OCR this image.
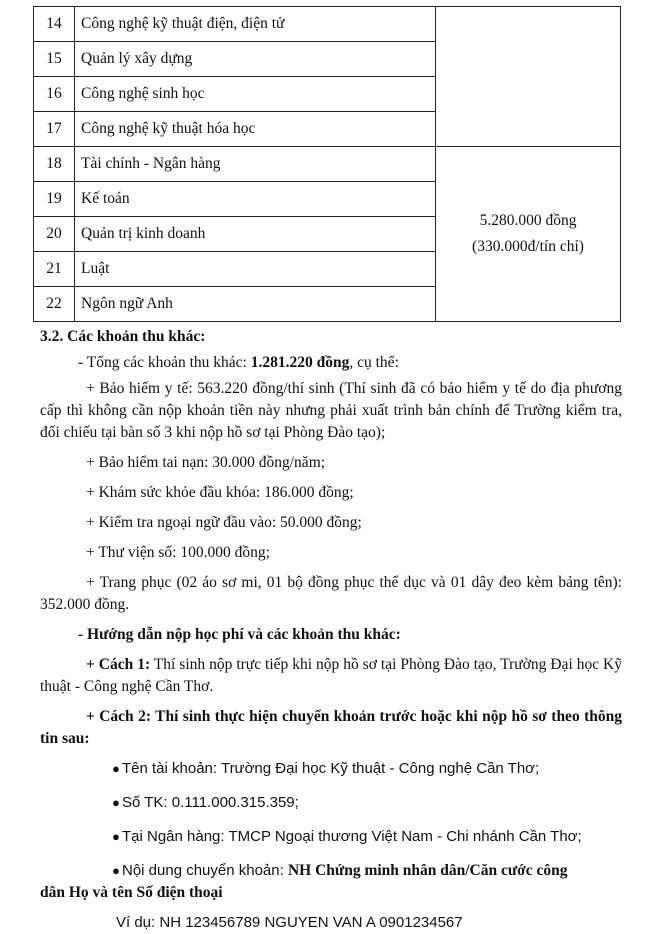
14	Công nghệ kỹ thuật điện, điện tử	
15	Quản lý xây dựng	
16	Công nghệ sinh học	
17	Công nghệ kỹ thuật hóa học	
18	Tài chính - Ngân hàng	5.280.000 đồng
(330.000đ/tín chỉ)

19	Kế toán	
20	Quản trị kinh doanh	
21	Luật	
22	Ngôn ngữ Anh	

3.2. Các khoản thu khác:

- Tổng các khoản thu khác: 1.281.220 đồng, cụ thể:

+ Bảo hiểm y tế: 563.220 đồng/thí sinh (Thí sinh đã có bảo hiểm y tế do địa phương cấp thì không cần nộp khoản tiền này nhưng phải xuất trình bản chính để Trường kiểm tra, đối chiếu tại bàn số 3 khi nộp hồ sơ tại Phòng Đào tạo);

+ Bảo hiểm tai nạn: 30.000 đồng/năm;

+ Khám sức khỏe đầu khóa: 186.000 đồng;

+ Kiểm tra ngoại ngữ đầu vào: 50.000 đồng;

+ Thư viện số: 100.000 đồng;

+ Trang phục (02 áo sơ mi, 01 bộ đồng phục thể dục và 01 dây đeo kèm bảng tên): 352.000 đồng.

- Hướng dẫn nộp học phí và các khoản thu khác:

+ Cách 1: Thí sinh nộp trực tiếp khi nộp hồ sơ tại Phòng Đào tạo, Trường Đại học Kỹ thuật - Công nghệ Cần Thơ.

+ Cách 2: Thí sinh thực hiện chuyển khoản trước hoặc khi nộp hồ sơ theo thông tin sau:

● Tên tài khoản: Trường Đại học Kỹ thuật - Công nghệ Cần Thơ;
● Số TK: 0.111.000.315.359;
● Tại Ngân hàng: TMCP Ngoại thương Việt Nam - Chi nhánh Cần Thơ;
● Nội dung chuyển khoản: NH Chứng minh nhân dân/Căn cước công

dân Họ và tên Số điện thoại

Ví dụ: NH 123456789 NGUYEN VAN A 0901234567
